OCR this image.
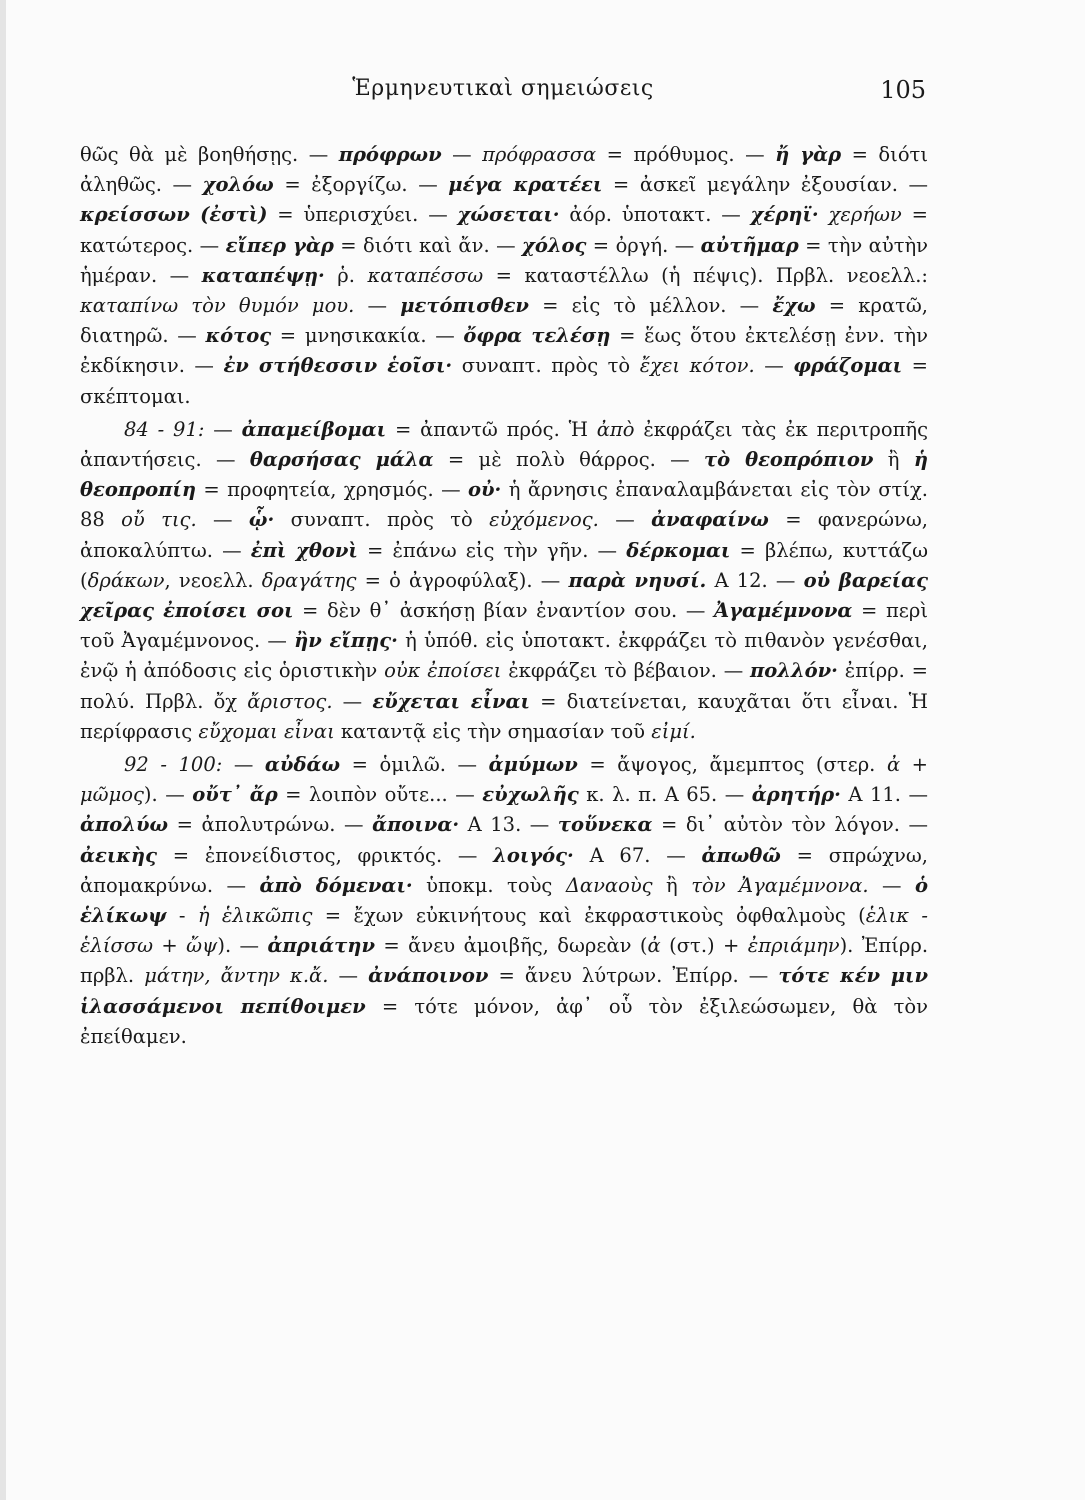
Ἑρμηνευτικαὶ σημειώσεις	105

θῶς θὰ μὲ βοηθήσῃς. — πρόφρων — πρόφρασσα = πρόθυμος. — ἤ γὰρ = διότι ἀληθῶς. — χολόω = ἐξοργίζω. — μέγα κρατέει = ἀσκεῖ μεγάλην ἐξουσίαν. — κρείσσων (ἐστὶ) = ὑπερισχύει. — χώσεται· ἀόρ. ὑποτακτ. — χέρηϊ· χερήων = κατώτερος. — εἴπερ γὰρ = διότι καὶ ἄν. — χόλος = ὀργή. — αὐτῆμαρ = τὴν αὐτὴν ἡμέραν. — καταπέψῃ· ῥ. καταπέσσω = καταστέλλω (ἡ πέψις). Πρβλ. νεοελλ.: καταπίνω τὸν θυμόν μου. — μετόπισθεν = εἰς τὸ μέλλον. — ἔχω = κρατῶ, διατηρῶ. — κότος = μνησικακία. — ὄφρα τελέσῃ = ἕως ὅτου ἐκτελέσῃ ἐνν. τὴν ἐκδίκησιν. — ἐν στήθεσσιν ἑοῖσι· συναπτ. πρὸς τὸ ἔχει κότον. — φράζομαι = σκέπτομαι.

84 - 91: — ἀπαμείβομαι = ἀπαντῶ πρός. Ἡ ἀπὸ ἐκφράζει τὰς ἐκ περιτροπῆς ἀπαντήσεις. — θαρσήσας μάλα = μὲ πολὺ θάρρος. — τὸ θεοπρόπιον ἢ ἡ θεοπροπίη = προφητεία, χρησμός. — οὐ· ἡ ἄρνησις ἐπαναλαμβάνεται εἰς τὸν στίχ. 88 οὔ τις. — ᾧ· συναπτ. πρὸς τὸ εὐχόμενος. — ἀναφαίνω = φανερώνω, ἀποκαλύπτω. — ἐπὶ χθονὶ = ἐπάνω εἰς τὴν γῆν. — δέρκομαι = βλέπω, κυττάζω (δράκων, νεοελλ. δραγάτης = ὁ ἀγροφύλαξ). — παρὰ νηυσί. Α 12. — οὐ βαρείας χεῖρας ἐποίσει σοι = δὲν θ᾿ ἀσκήσῃ βίαν ἐναντίον σου. — Ἀγαμέμνονα = περὶ τοῦ Ἀγαμέμνονος. — ἢν εἴπῃς· ἡ ὑπόθ. εἰς ὑποτακτ. ἐκφράζει τὸ πιθανὸν γενέσθαι, ἐνῷ ἡ ἀπόδοσις εἰς ὁριστικὴν οὐκ ἐποίσει ἐκφράζει τὸ βέβαιον. — πολλόν· ἐπίρρ. = πολύ. Πρβλ. ὄχ ἄριστος. — εὔχεται εἶναι = διατείνεται, καυχᾶται ὅτι εἶναι. Ἡ περίφρασις εὔχομαι εἶναι καταντᾷ εἰς τὴν σημασίαν τοῦ εἰμί.

92 - 100: — αὐδάω = ὁμιλῶ. — ἀμύμων = ἄψογος, ἄμεμπτος (στερ. ἀ + μῶμος). — οὔτ᾿ ἄρ = λοιπὸν οὔτε... — εὐχωλῆς κ. λ. π. Α 65. — ἀρητήρ· Α 11. — ἀπολύω = ἀπολυτρώνω. — ἄποινα· Α 13. — τοὕνεκα = δι᾿ αὐτὸν τὸν λόγον. — ἀεικὴς = ἐπονείδιστος, φρικτός. — λοιγός· Α 67. — ἀπωθῶ = σπρώχνω, ἀπομακρύνω. — ἀπὸ δόμεναι· ὑποκμ. τοὺς Δαναοὺς ἢ τὸν Ἀγαμέμνονα. — ὁ ἑλίκωψ - ἡ ἑλικῶπις = ἔχων εὐκινήτους καὶ ἐκφραστικοὺς ὀφθαλμοὺς (ἑλικ - ἑλίσσω + ὤψ). — ἀπριάτην = ἄνευ ἀμοιβῆς, δωρεὰν (ἀ (στ.) + ἐπριάμην). Ἐπίρρ. πρβλ. μάτην, ἄντην κ.ἄ. — ἀνάποινον = ἄνευ λύτρων. Ἐπίρρ. — τότε κέν μιν ἱλασσάμενοι πεπίθοιμεν = τότε μόνον, ἀφ᾿ οὗ τὸν ἐξιλεώσωμεν, θὰ τὸν ἐπείθαμεν.
